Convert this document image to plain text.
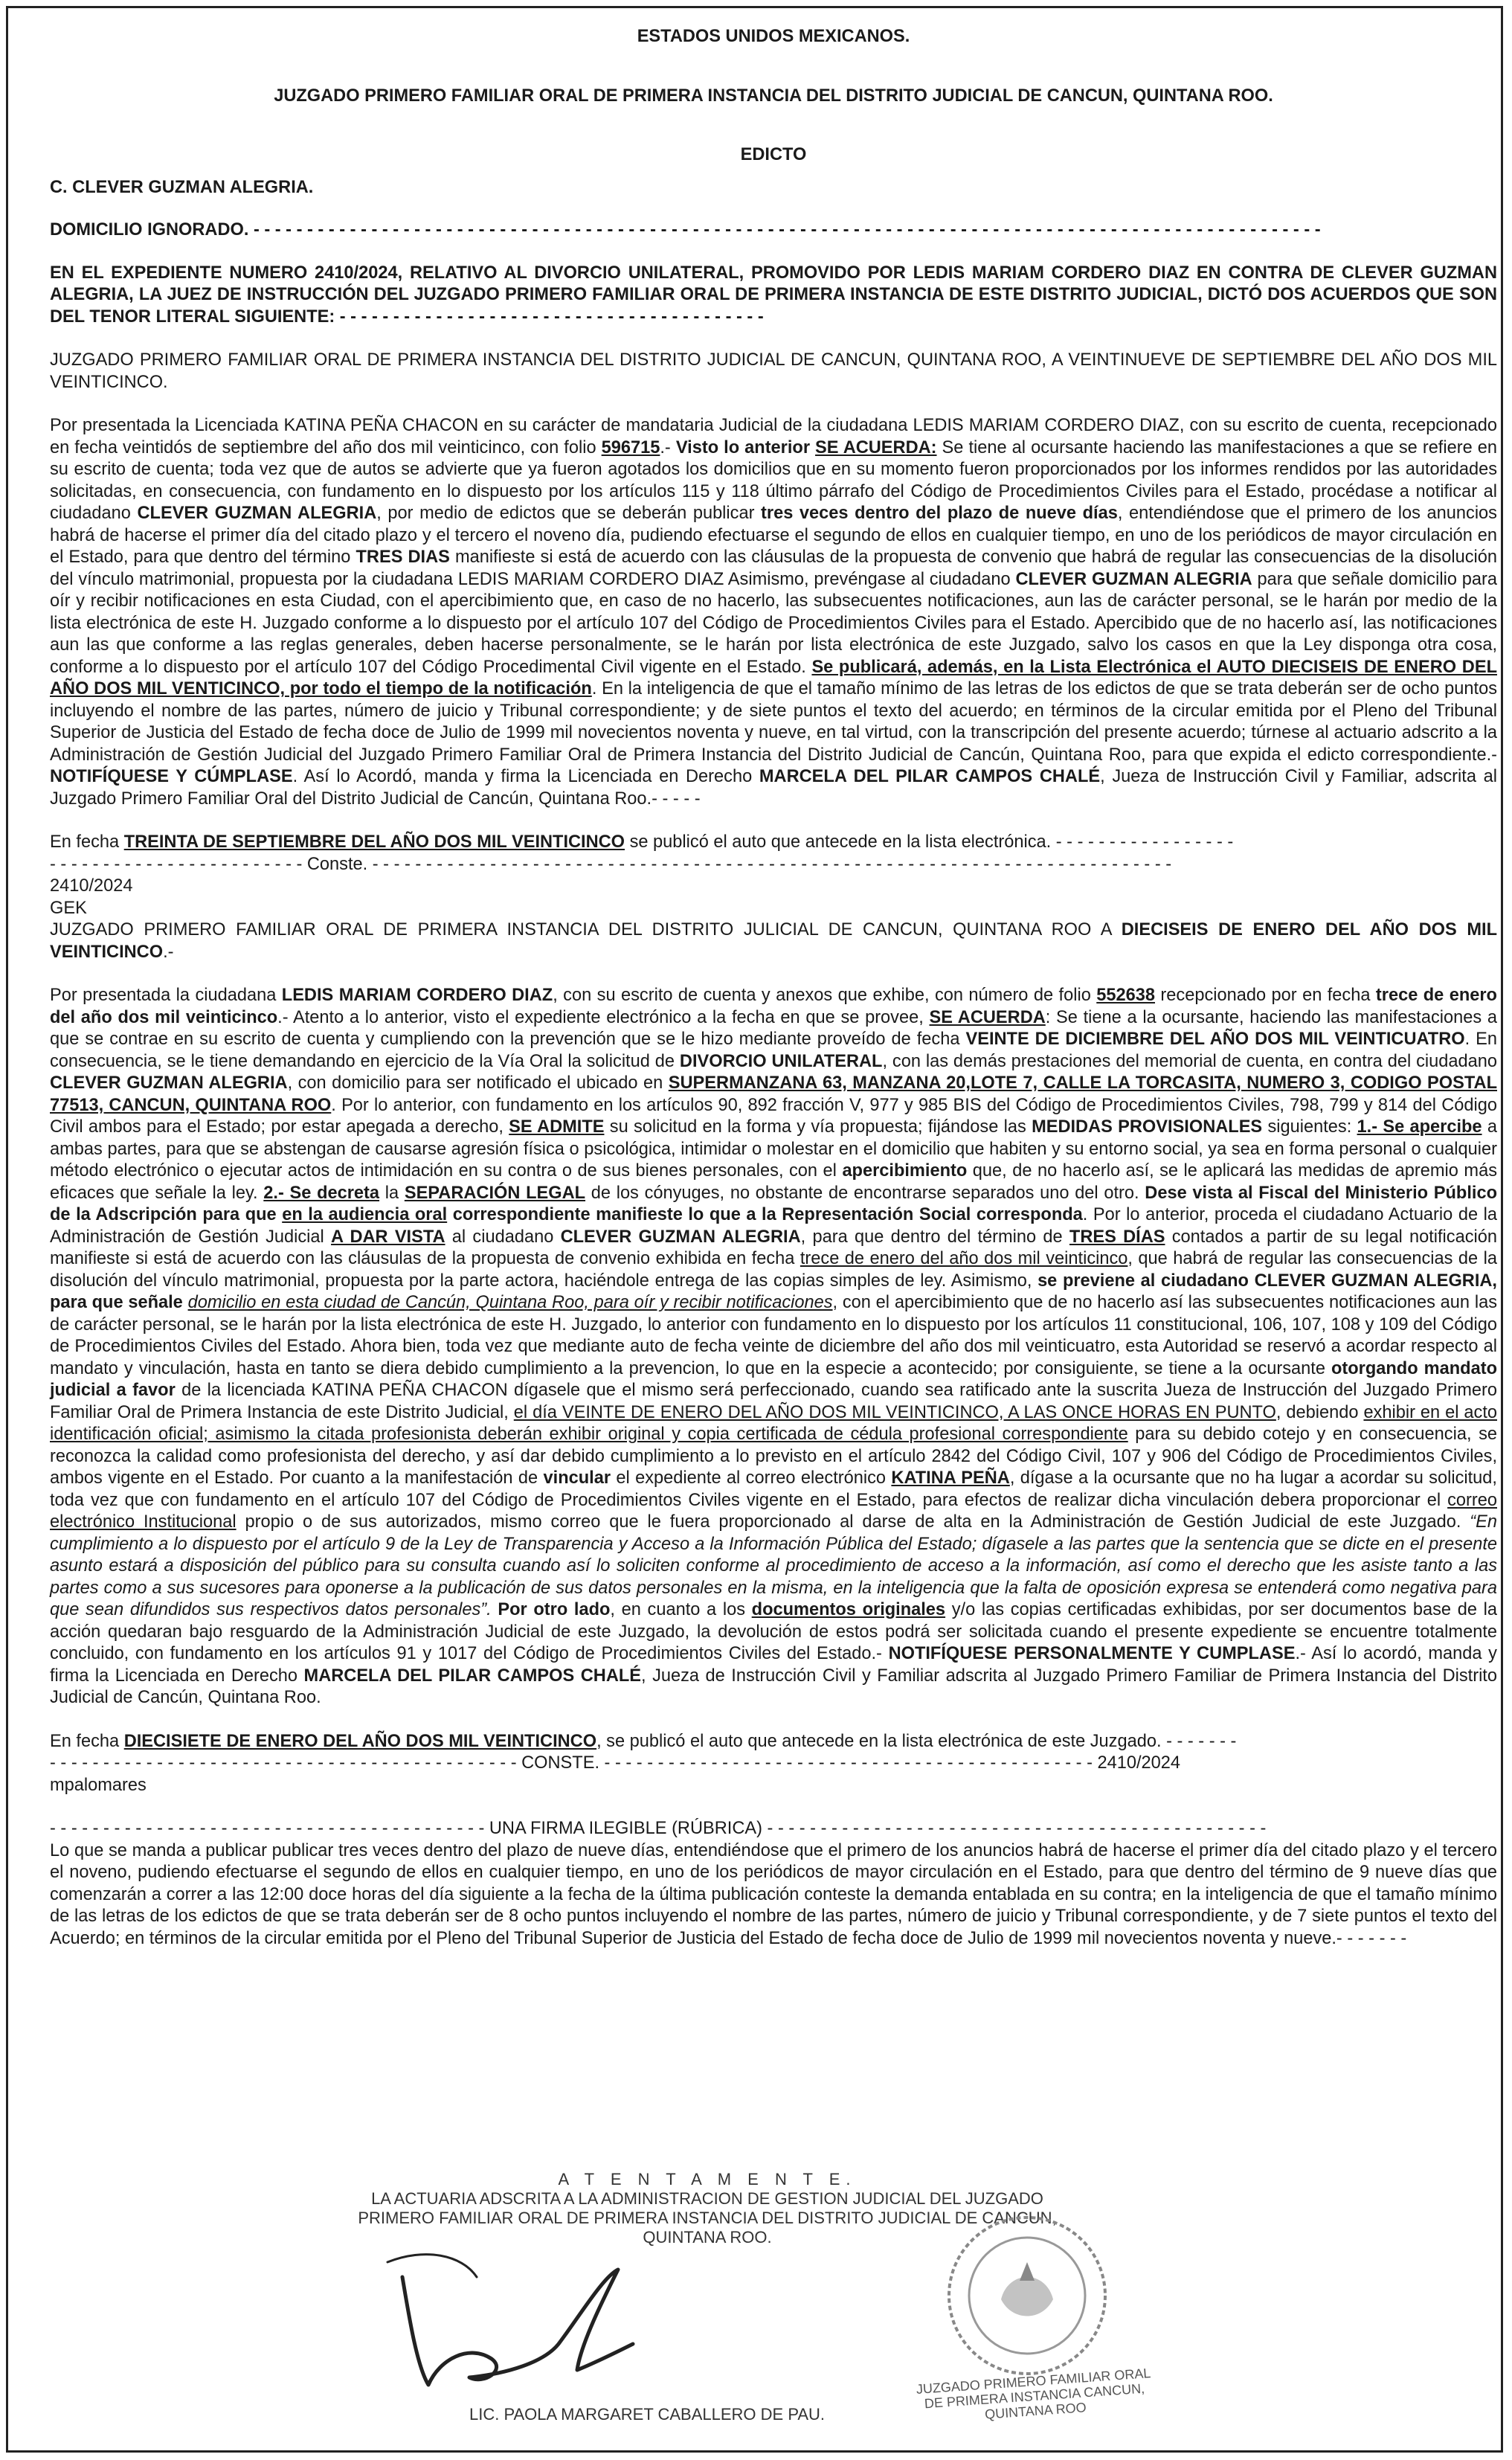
ESTADOS UNIDOS MEXICANOS.

JUZGADO PRIMERO FAMILIAR ORAL DE PRIMERA INSTANCIA DEL DISTRITO JUDICIAL DE CANCUN, QUINTANA ROO.

EDICTO

C. CLEVER GUZMAN ALEGRIA.

DOMICILIO IGNORADO. - - - - - - - - - - - - - - - - - - - - - - - - - - - - - - - - - - - - - - - - - - - - - - - - - - - - - - - - - - - - - - - - - - - - - - - - - - - - - - - - - - - - - - - - - - - - - - - - - - - -

EN EL EXPEDIENTE NUMERO 2410/2024, RELATIVO AL DIVORCIO UNILATERAL, PROMOVIDO POR LEDIS MARIAM CORDERO DIAZ EN CONTRA DE CLEVER GUZMAN ALEGRIA, LA JUEZ DE INSTRUCCIÓN DEL JUZGADO PRIMERO FAMILIAR ORAL DE PRIMERA INSTANCIA DE ESTE DISTRITO JUDICIAL, DICTÓ DOS ACUERDOS QUE SON DEL TENOR LITERAL SIGUIENTE: - - - - - - - - - - - - - - - - - - - - - - - - - - - - - - - - - - - - - - - -

JUZGADO PRIMERO FAMILIAR ORAL DE PRIMERA INSTANCIA DEL DISTRITO JUDICIAL DE CANCUN, QUINTANA ROO, A VEINTINUEVE DE SEPTIEMBRE DEL AÑO DOS MIL VEINTICINCO.

Por presentada la Licenciada KATINA PEÑA CHACON en su carácter de mandataria Judicial de la ciudadana LEDIS MARIAM CORDERO DIAZ, con su escrito de cuenta, recepcionado en fecha veintidós de septiembre del año dos mil veinticinco, con folio 596715.- Visto lo anterior SE ACUERDA: Se tiene al ocursante haciendo las manifestaciones a que se refiere en su escrito de cuenta; toda vez que de autos se advierte que ya fueron agotados los domicilios que en su momento fueron proporcionados por los informes rendidos por las autoridades solicitadas, en consecuencia, con fundamento en lo dispuesto por los artículos 115 y 118 último párrafo del Código de Procedimientos Civiles para el Estado, procédase a notificar al ciudadano CLEVER GUZMAN ALEGRIA, por medio de edictos que se deberán publicar tres veces dentro del plazo de nueve días, entendiéndose que el primero de los anuncios habrá de hacerse el primer día del citado plazo y el tercero el noveno día, pudiendo efectuarse el segundo de ellos en cualquier tiempo, en uno de los periódicos de mayor circulación en el Estado, para que dentro del término TRES DIAS manifieste si está de acuerdo con las cláusulas de la propuesta de convenio que habrá de regular las consecuencias de la disolución del vínculo matrimonial, propuesta por la ciudadana LEDIS MARIAM CORDERO DIAZ Asimismo, prevéngase al ciudadano CLEVER GUZMAN ALEGRIA para que señale domicilio para oír y recibir notificaciones en esta Ciudad, con el apercibimiento que, en caso de no hacerlo, las subsecuentes notificaciones, aun las de carácter personal, se le harán por medio de la lista electrónica de este H. Juzgado conforme a lo dispuesto por el artículo 107 del Código de Procedimientos Civiles para el Estado. Apercibido que de no hacerlo así, las notificaciones aun las que conforme a las reglas generales, deben hacerse personalmente, se le harán por lista electrónica de este Juzgado, salvo los casos en que la Ley disponga otra cosa, conforme a lo dispuesto por el artículo 107 del Código Procedimental Civil vigente en el Estado. Se publicará, además, en la Lista Electrónica el AUTO DIECISEIS DE ENERO DEL AÑO DOS MIL VENTICINCO, por todo el tiempo de la notificación. En la inteligencia de que el tamaño mínimo de las letras de los edictos de que se trata deberán ser de ocho puntos incluyendo el nombre de las partes, número de juicio y Tribunal correspondiente; y de siete puntos el texto del acuerdo; en términos de la circular emitida por el Pleno del Tribunal Superior de Justicia del Estado de fecha doce de Julio de 1999 mil novecientos noventa y nueve, en tal virtud, con la transcripción del presente acuerdo; túrnese al actuario adscrito a la Administración de Gestión Judicial del Juzgado Primero Familiar Oral de Primera Instancia del Distrito Judicial de Cancún, Quintana Roo, para que expida el edicto correspondiente.-NOTIFÍQUESE Y CÚMPLASE. Así lo Acordó, manda y firma la Licenciada en Derecho MARCELA DEL PILAR CAMPOS CHALÉ, Jueza de Instrucción Civil y Familiar, adscrita al Juzgado Primero Familiar Oral del Distrito Judicial de Cancún, Quintana Roo.- - - - -

En fecha TREINTA DE SEPTIEMBRE DEL AÑO DOS MIL VEINTICINCO se publicó el auto que antecede en la lista electrónica. - - - - - - - - - - - - - - - - -

- - - - - - - - - - - - - - - - - - - - - - - - Conste. - - - - - - - - - - - - - - - - - - - - - - - - - - - - - - - - - - - - - - - - - - - - - - - - - - - - - - - - - - - - - - - - - - - - - - - - - - -

2410/2024

GEK

JUZGADO PRIMERO FAMILIAR ORAL DE PRIMERA INSTANCIA DEL DISTRITO JULICIAL DE CANCUN, QUINTANA ROO A DIECISEIS DE ENERO DEL AÑO DOS MIL VEINTICINCO.-

Por presentada la ciudadana LEDIS MARIAM CORDERO DIAZ, con su escrito de cuenta y anexos que exhibe, con número de folio 552638 recepcionado por en fecha trece de enero del año dos mil veinticinco.- Atento a lo anterior, visto el expediente electrónico a la fecha en que se provee, SE ACUERDA: Se tiene a la ocursante, haciendo las manifestaciones a que se contrae en su escrito de cuenta y cumpliendo con la prevención que se le hizo mediante proveído de fecha VEINTE DE DICIEMBRE DEL AÑO DOS MIL VEINTICUATRO. En consecuencia, se le tiene demandando en ejercicio de la Vía Oral la solicitud de DIVORCIO UNILATERAL, con las demás prestaciones del memorial de cuenta, en contra del ciudadano CLEVER GUZMAN ALEGRIA, con domicilio para ser notificado el ubicado en SUPERMANZANA 63, MANZANA 20,LOTE 7, CALLE LA TORCASITA, NUMERO 3, CODIGO POSTAL 77513, CANCUN, QUINTANA ROO. Por lo anterior, con fundamento en los artículos 90, 892 fracción V, 977 y 985 BIS del Código de Procedimientos Civiles, 798, 799 y 814 del Código Civil ambos para el Estado; por estar apegada a derecho, SE ADMITE su solicitud en la forma y vía propuesta; fijándose las MEDIDAS PROVISIONALES siguientes: 1.- Se apercibe a ambas partes, para que se abstengan de causarse agresión física o psicológica, intimidar o molestar en el domicilio que habiten y su entorno social, ya sea en forma personal o cualquier método electrónico o ejecutar actos de intimidación en su contra o de sus bienes personales, con el apercibimiento que, de no hacerlo así, se le aplicará las medidas de apremio más eficaces que señale la ley. 2.- Se decreta la SEPARACIÓN LEGAL de los cónyuges, no obstante de encontrarse separados uno del otro. Dese vista al Fiscal del Ministerio Público de la Adscripción para que en la audiencia oral correspondiente manifieste lo que a la Representación Social corresponda. Por lo anterior, proceda el ciudadano Actuario de la Administración de Gestión Judicial A DAR VISTA al ciudadano CLEVER GUZMAN ALEGRIA, para que dentro del término de TRES DÍAS contados a partir de su legal notificación manifieste si está de acuerdo con las cláusulas de la propuesta de convenio exhibida en fecha trece de enero del año dos mil veinticinco, que habrá de regular las consecuencias de la disolución del vínculo matrimonial, propuesta por la parte actora, haciéndole entrega de las copias simples de ley. Asimismo, se previene al ciudadano CLEVER GUZMAN ALEGRIA, para que señale domicilio en esta ciudad de Cancún, Quintana Roo, para oír y recibir notificaciones, con el apercibimiento que de no hacerlo así las subsecuentes notificaciones aun las de carácter personal, se le harán por la lista electrónica de este H. Juzgado, lo anterior con fundamento en lo dispuesto por los artículos 11 constitucional, 106, 107, 108 y 109 del Código de Procedimientos Civiles del Estado. Ahora bien, toda vez que mediante auto de fecha veinte de diciembre del año dos mil veinticuatro, esta Autoridad se reservó a acordar respecto al mandato y vinculación, hasta en tanto se diera debido cumplimiento a la prevencion, lo que en la especie a acontecido; por consiguiente, se tiene a la ocursante otorgando mandato judicial a favor de la licenciada KATINA PEÑA CHACON dígasele que el mismo será perfeccionado, cuando sea ratificado ante la suscrita Jueza de Instrucción del Juzgado Primero Familiar Oral de Primera Instancia de este Distrito Judicial, el día VEINTE DE ENERO DEL AÑO DOS MIL VEINTICINCO, A LAS ONCE HORAS EN PUNTO, debiendo exhibir en el acto identificación oficial; asimismo la citada profesionista deberán exhibir original y copia certificada de cédula profesional correspondiente para su debido cotejo y en consecuencia, se reconozca la calidad como profesionista del derecho, y así dar debido cumplimiento a lo previsto en el artículo 2842 del Código Civil, 107 y 906 del Código de Procedimientos Civiles, ambos vigente en el Estado. Por cuanto a la manifestación de vincular el expediente al correo electrónico KATINA PEÑA, dígase a la ocursante que no ha lugar a acordar su solicitud, toda vez que con fundamento en el artículo 107 del Código de Procedimientos Civiles vigente en el Estado, para efectos de realizar dicha vinculación debera proporcionar el correo electrónico Institucional propio o de sus autorizados, mismo correo que le fuera proporcionado al darse de alta en la Administración de Gestión Judicial de este Juzgado. “En cumplimiento a lo dispuesto por el artículo 9 de la Ley de Transparencia y Acceso a la Información Pública del Estado; dígasele a las partes que la sentencia que se dicte en el presente asunto estará a disposición del público para su consulta cuando así lo soliciten conforme al procedimiento de acceso a la información, así como el derecho que les asiste tanto a las partes como a sus sucesores para oponerse a la publicación de sus datos personales en la misma, en la inteligencia que la falta de oposición expresa se entenderá como negativa para que sean difundidos sus respectivos datos personales”. Por otro lado, en cuanto a los documentos originales y/o las copias certificadas exhibidas, por ser documentos base de la acción quedaran bajo resguardo de la Administración Judicial de este Juzgado, la devolución de estos podrá ser solicitada cuando el presente expediente se encuentre totalmente concluido, con fundamento en los artículos 91 y 1017 del Código de Procedimientos Civiles del Estado.- NOTIFÍQUESE PERSONALMENTE Y CUMPLASE.- Así lo acordó, manda y firma la Licenciada en Derecho MARCELA DEL PILAR CAMPOS CHALÉ, Jueza de Instrucción Civil y Familiar adscrita al Juzgado Primero Familiar de Primera Instancia del Distrito Judicial de Cancún, Quintana Roo.

En fecha DIECISIETE DE ENERO DEL AÑO DOS MIL VEINTICINCO, se publicó el auto que antecede en la lista electrónica de este Juzgado. - - - - - - -

- - - - - - - - - - - - - - - - - - - - - - - - - - - - - - - - - - - - - - - - - - - - CONSTE. - - - - - - - - - - - - - - - - - - - - - - - - - - - - - - - - - - - - - - - - - - - - - - 2410/2024

mpalomares

- - - - - - - - - - - - - - - - - - - - - - - - - - - - - - - - - - - - - - - - - UNA FIRMA ILEGIBLE (RÚBRICA) - - - - - - - - - - - - - - - - - - - - - - - - - - - - - - - - - - - - - - - - - - - - - - -

Lo que se manda a publicar publicar tres veces dentro del plazo de nueve días, entendiéndose que el primero de los anuncios habrá de hacerse el primer día del citado plazo y el tercero el noveno, pudiendo efectuarse el segundo de ellos en cualquier tiempo, en uno de los periódicos de mayor circulación en el Estado, para que dentro del término de 9 nueve días que comenzarán a correr a las 12:00 doce horas del día siguiente a la fecha de la última publicación conteste la demanda entablada en su contra; en la inteligencia de que el tamaño mínimo de las letras de los edictos de que se trata deberán ser de 8 ocho puntos incluyendo el nombre de las partes, número de juicio y Tribunal correspondiente, y de 7 siete puntos el texto del Acuerdo; en términos de la circular emitida por el Pleno del Tribunal Superior de Justicia del Estado de fecha doce de Julio de 1999 mil novecientos noventa y nueve.- - - - - - -

A T E N T A M E N T E.
LA ACTUARIA ADSCRITA A LA ADMINISTRACION DE GESTION JUDICIAL DEL JUZGADO
PRIMERO FAMILIAR ORAL DE PRIMERA INSTANCIA DEL DISTRITO JUDICIAL DE CANCUN,
QUINTANA ROO.
JUZGADO PRIMERO FAMILIAR ORAL DE PRIMERA INSTANCIA CANCUN, QUINTANA ROO
LIC. PAOLA MARGARET CABALLERO DE PAU.
